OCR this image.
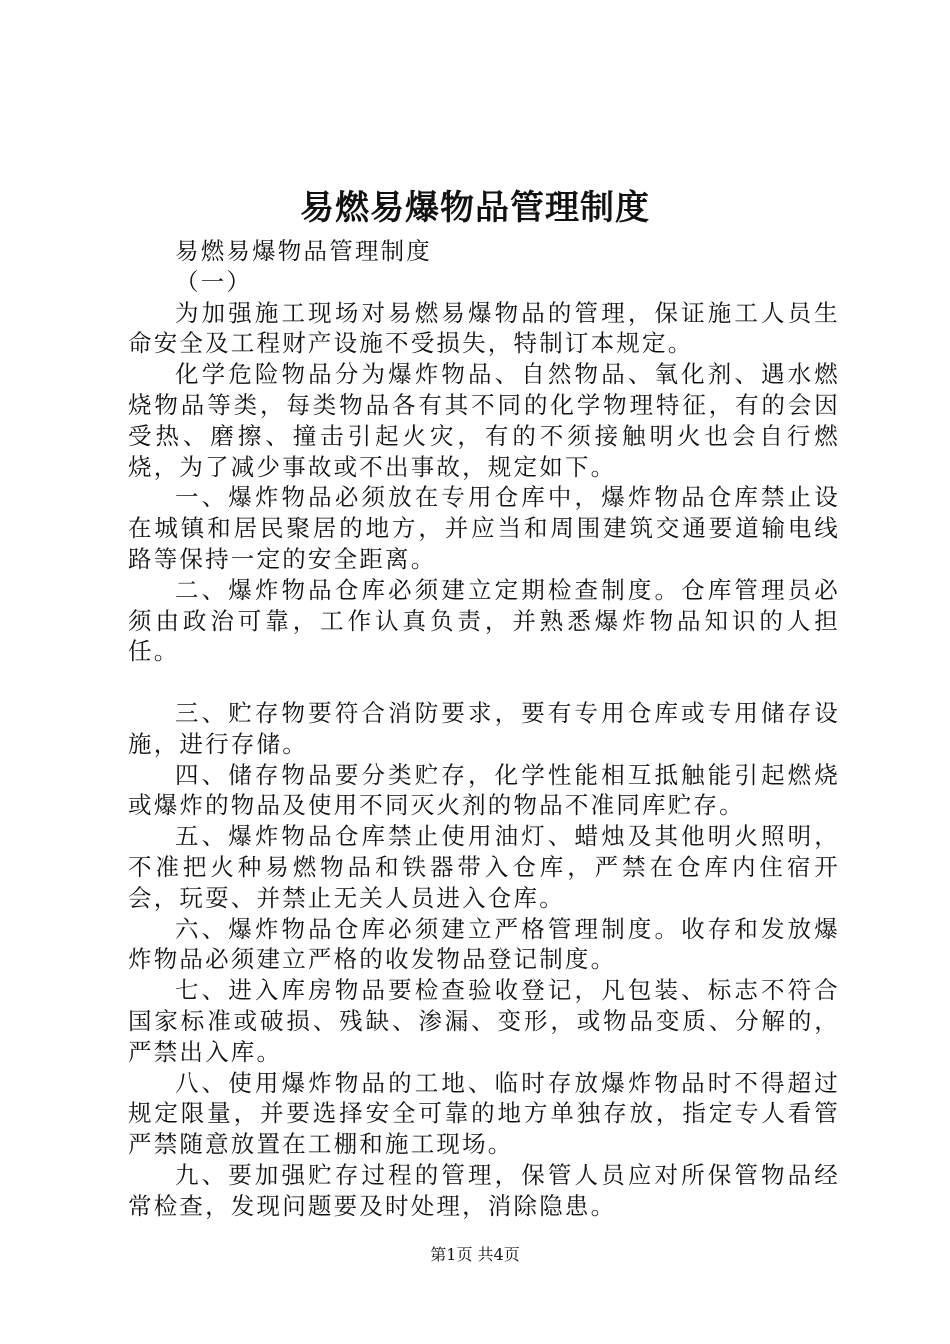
易燃易爆物品管理制度

易燃易爆物品管理制度

（一）

为加强施工现场对易燃易爆物品的管理，保证施工人员生命安全及工程财产设施不受损失，特制订本规定。

化学危险物品分为爆炸物品、自然物品、氧化剂、遇水燃烧物品等类，每类物品各有其不同的化学物理特征，有的会因受热、磨擦、撞击引起火灾，有的不须接触明火也会自行燃烧，为了减少事故或不出事故，规定如下。

一、爆炸物品必须放在专用仓库中，爆炸物品仓库禁止设在城镇和居民聚居的地方，并应当和周围建筑交通要道输电线路等保持一定的安全距离。

二、爆炸物品仓库必须建立定期检查制度。仓库管理员必须由政治可靠，工作认真负责，并熟悉爆炸物品知识的人担任。

三、贮存物要符合消防要求，要有专用仓库或专用储存设施，进行存储。

四、储存物品要分类贮存，化学性能相互抵触能引起燃烧或爆炸的物品及使用不同灭火剂的物品不准同库贮存。

五、爆炸物品仓库禁止使用油灯、蜡烛及其他明火照明，不准把火种易燃物品和铁器带入仓库，严禁在仓库内住宿开会，玩耍、并禁止无关人员进入仓库。

六、爆炸物品仓库必须建立严格管理制度。收存和发放爆炸物品必须建立严格的收发物品登记制度。

七、进入库房物品要检查验收登记，凡包装、标志不符合国家标准或破损、残缺、渗漏、变形，或物品变质、分解的，严禁出入库。

八、使用爆炸物品的工地、临时存放爆炸物品时不得超过规定限量，并要选择安全可靠的地方单独存放，指定专人看管严禁随意放置在工棚和施工现场。

九、要加强贮存过程的管理，保管人员应对所保管物品经常检查，发现问题要及时处理，消除隐患。

第1页 共4页
